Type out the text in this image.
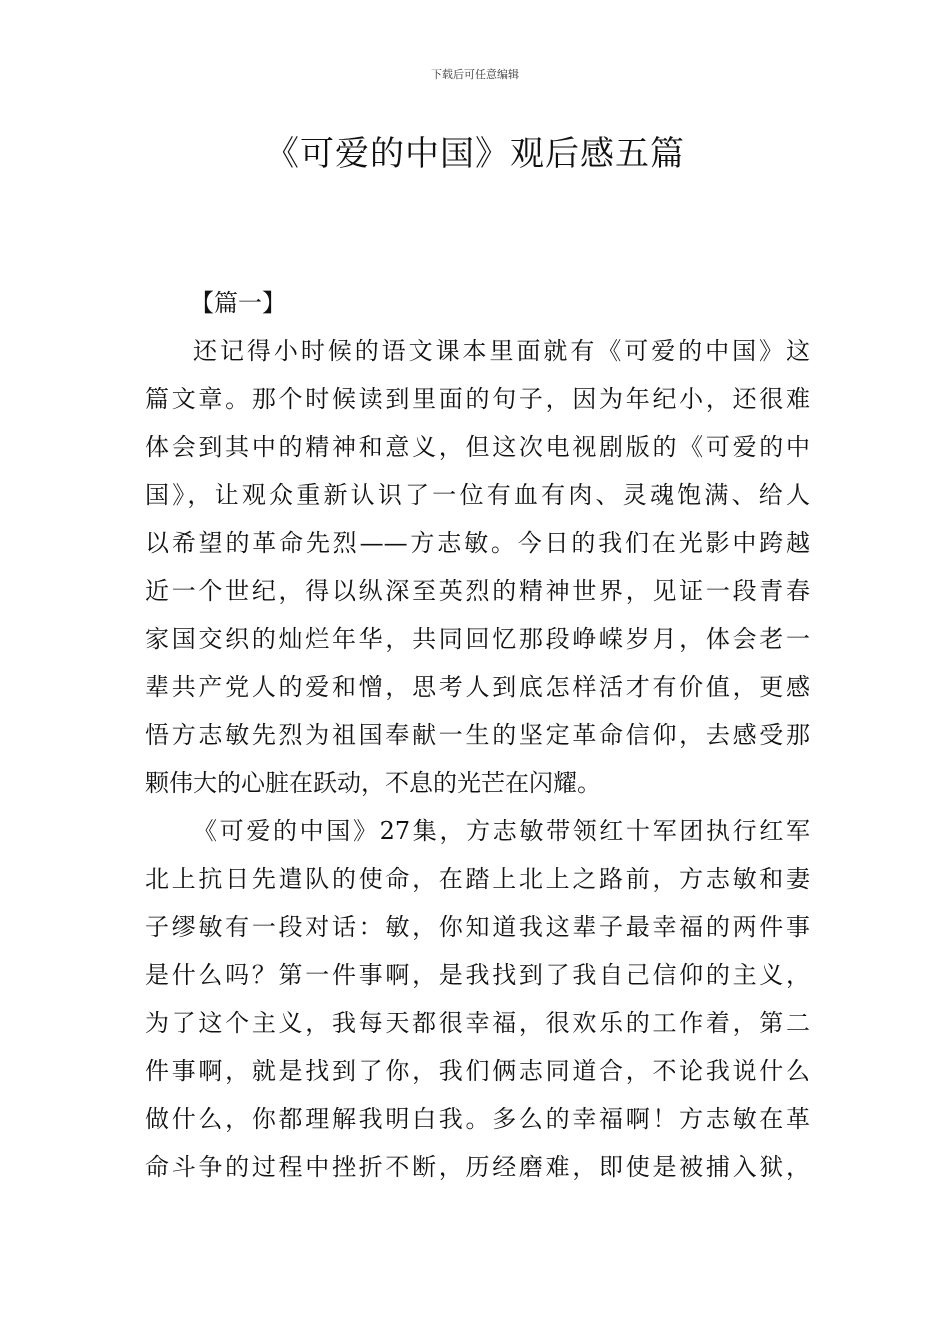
下载后可任意编辑
《可爱的中国》观后感五篇
【篇一】
还记得小时候的语文课本里面就有《可爱的中国》这
篇文章。那个时候读到里面的句子，因为年纪小，还很难
体会到其中的精神和意义，但这次电视剧版的《可爱的中
国》，让观众重新认识了一位有血有肉、灵魂饱满、给人
以希望的革命先烈——方志敏。今日的我们在光影中跨越
近一个世纪，得以纵深至英烈的精神世界，见证一段青春
家国交织的灿烂年华，共同回忆那段峥嵘岁月，体会老一
辈共产党人的爱和憎，思考人到底怎样活才有价值，更感
悟方志敏先烈为祖国奉献一生的坚定革命信仰，去感受那
颗伟大的心脏在跃动，不息的光芒在闪耀。
《可爱的中国》27集，方志敏带领红十军团执行红军
北上抗日先遣队的使命，在踏上北上之路前，方志敏和妻
子缪敏有一段对话：敏，你知道我这辈子最幸福的两件事
是什么吗？第一件事啊，是我找到了我自己信仰的主义，
为了这个主义，我每天都很幸福，很欢乐的工作着，第二
件事啊，就是找到了你，我们俩志同道合，不论我说什么
做什么，你都理解我明白我。多么的幸福啊！方志敏在革
命斗争的过程中挫折不断，历经磨难，即使是被捕入狱，
